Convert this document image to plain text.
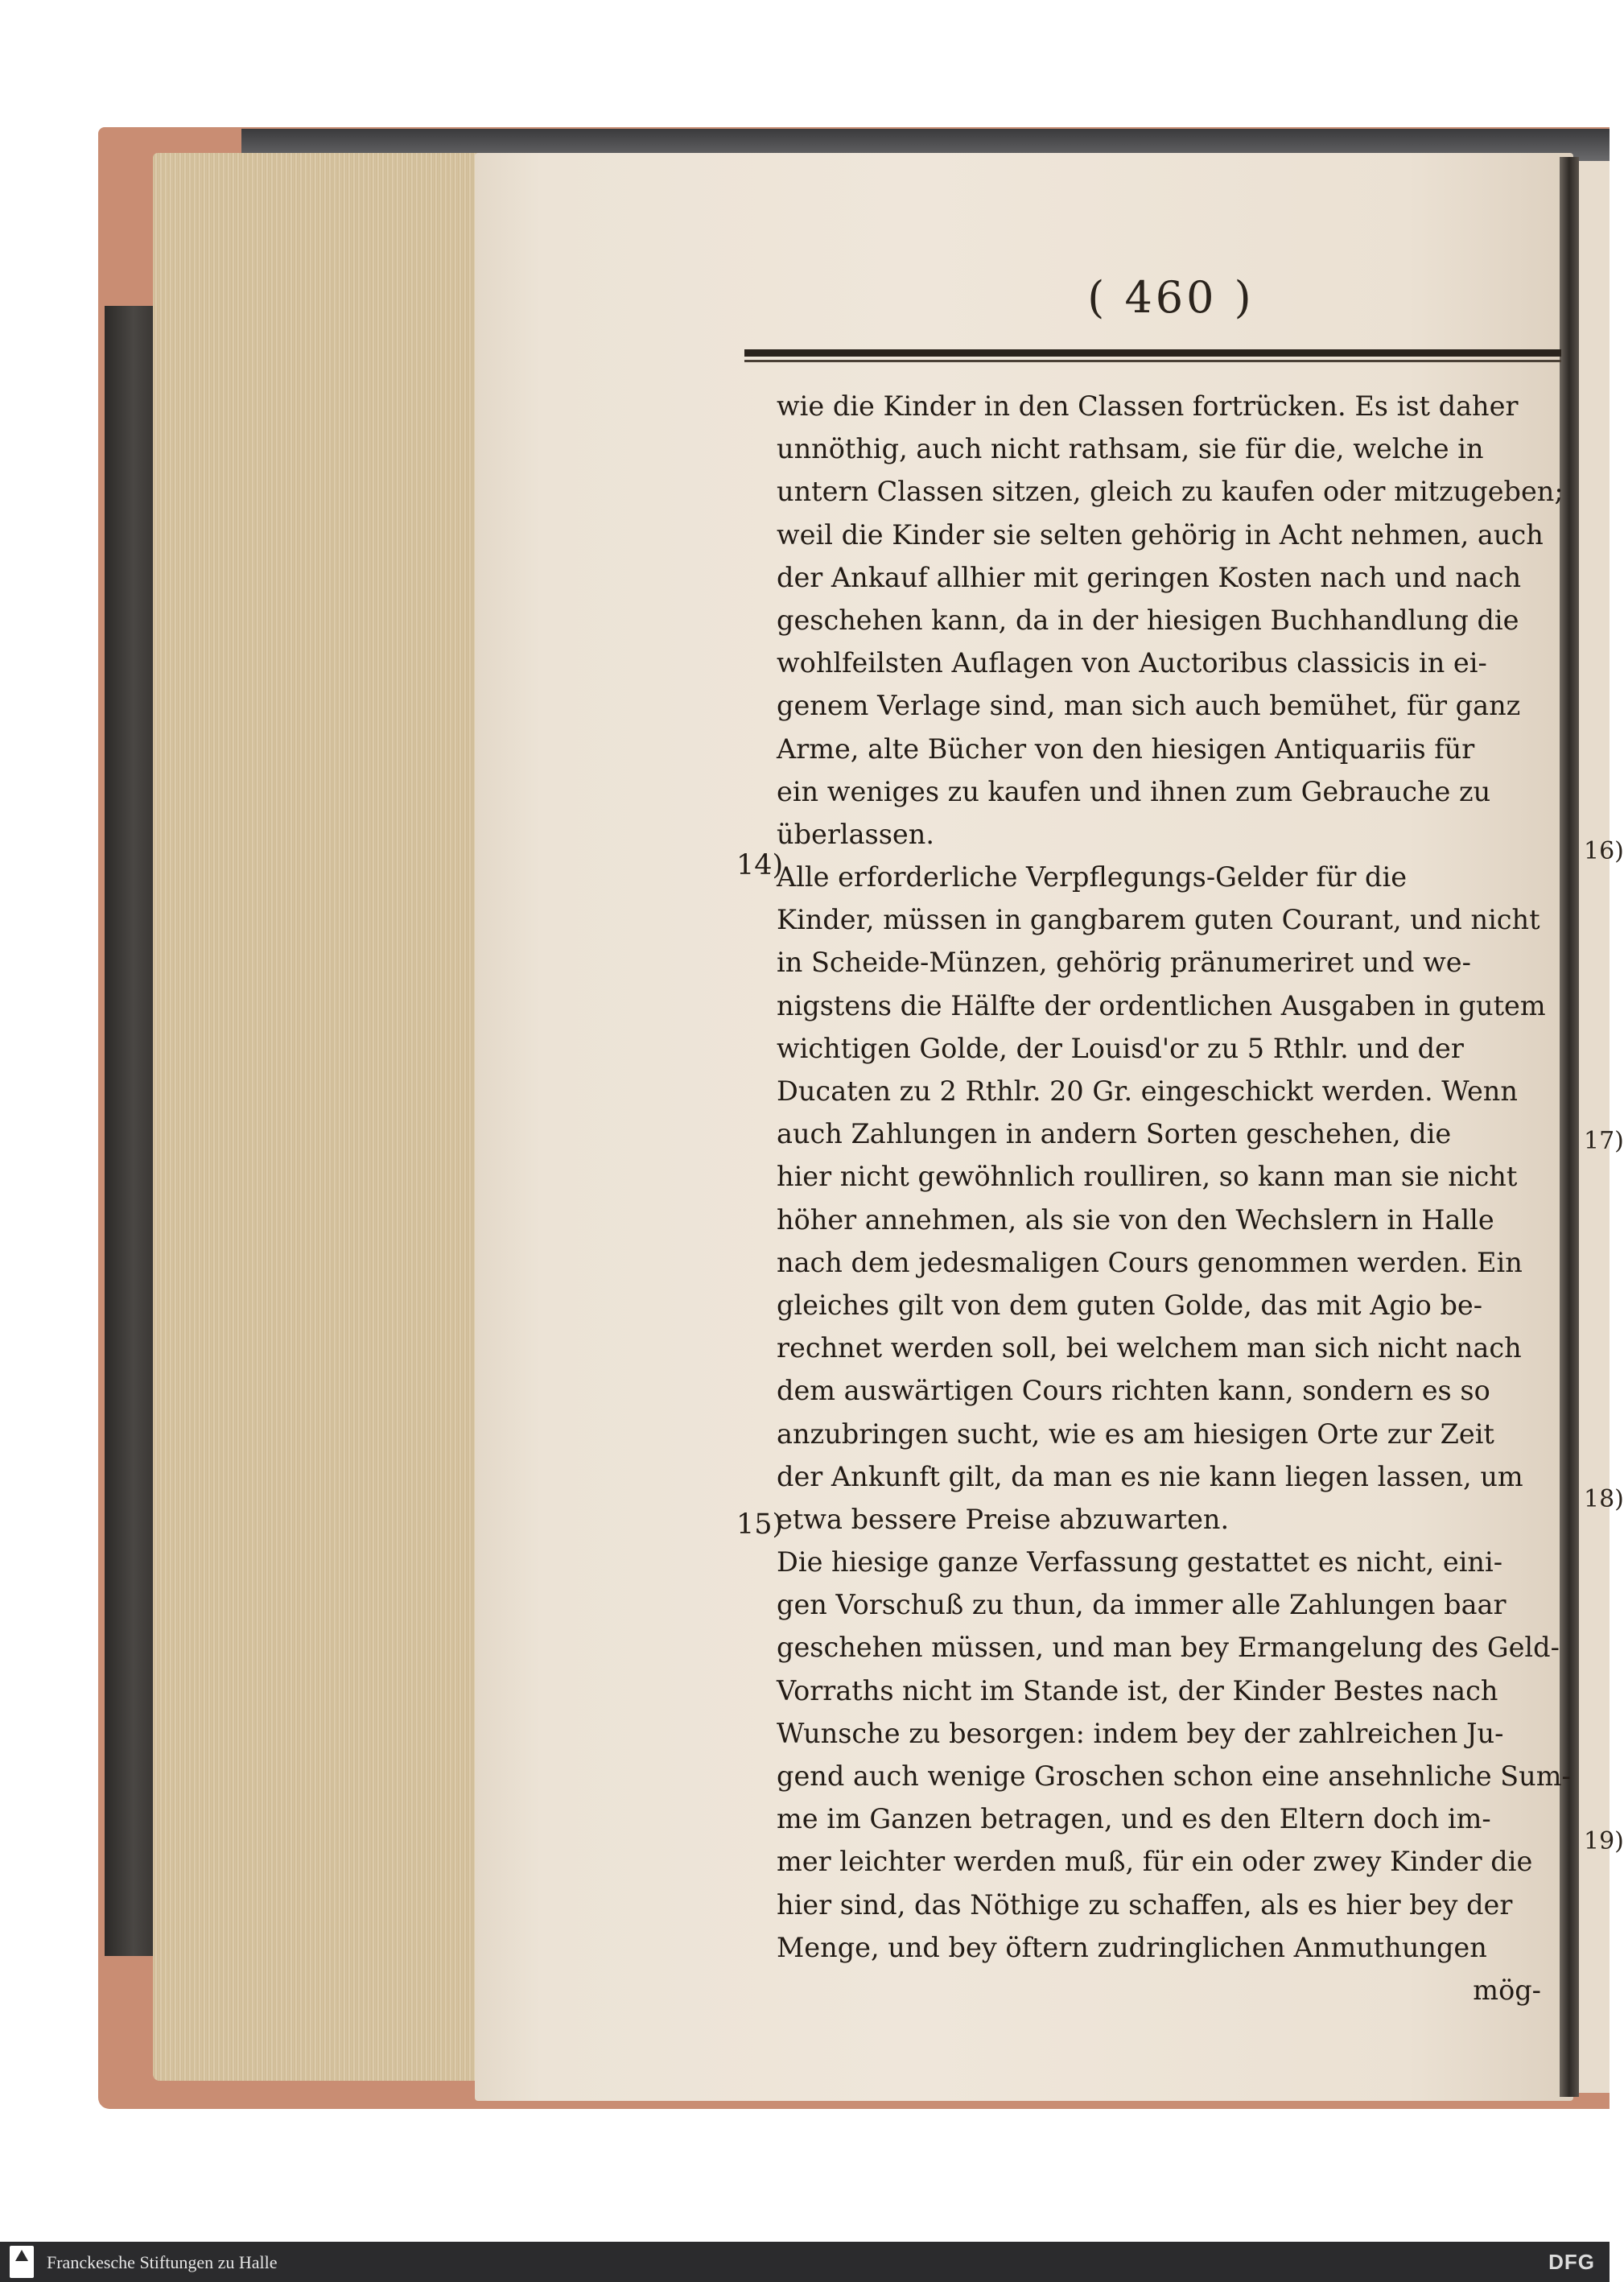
16)
17)
18)
19)
( 460 )
14)
15)
wie die Kinder in den Classen fortrücken. Es ist daher
unnöthig, auch nicht rathsam, sie für die, welche in
untern Classen sitzen, gleich zu kaufen oder mitzugeben;
weil die Kinder sie selten gehörig in Acht nehmen, auch
der Ankauf allhier mit geringen Kosten nach und nach
geschehen kann, da in der hiesigen Buchhandlung die
wohlfeilsten Auflagen von Auctoribus classicis in ei-
genem Verlage sind, man sich auch bemühet, für ganz
Arme, alte Bücher von den hiesigen Antiquariis für
ein weniges zu kaufen und ihnen zum Gebrauche zu
überlassen.
Alle erforderliche Verpflegungs-Gelder für die
Kinder, müssen in gangbarem guten Courant, und nicht
in Scheide-Münzen, gehörig pränumeriret und we-
nigstens die Hälfte der ordentlichen Ausgaben in gutem
wichtigen Golde, der Louisd'or zu 5 Rthlr. und der
Ducaten zu 2 Rthlr. 20 Gr. eingeschickt werden. Wenn
auch Zahlungen in andern Sorten geschehen, die
hier nicht gewöhnlich roulliren, so kann man sie nicht
höher annehmen, als sie von den Wechslern in Halle
nach dem jedesmaligen Cours genommen werden. Ein
gleiches gilt von dem guten Golde, das mit Agio be-
rechnet werden soll, bei welchem man sich nicht nach
dem auswärtigen Cours richten kann, sondern es so
anzubringen sucht, wie es am hiesigen Orte zur Zeit
der Ankunft gilt, da man es nie kann liegen lassen, um
etwa bessere Preise abzuwarten.
Die hiesige ganze Verfassung gestattet es nicht, eini-
gen Vorschuß zu thun, da immer alle Zahlungen baar
geschehen müssen, und man bey Ermangelung des Geld-
Vorraths nicht im Stande ist, der Kinder Bestes nach
Wunsche zu besorgen: indem bey der zahlreichen Ju-
gend auch wenige Groschen schon eine ansehnliche Sum-
me im Ganzen betragen, und es den Eltern doch im-
mer leichter werden muß, für ein oder zwey Kinder die
hier sind, das Nöthige zu schaffen, als es hier bey der
Menge, und bey öftern zudringlichen Anmuthungen
mög-
Franckesche Stiftungen zu Halle	DFG
